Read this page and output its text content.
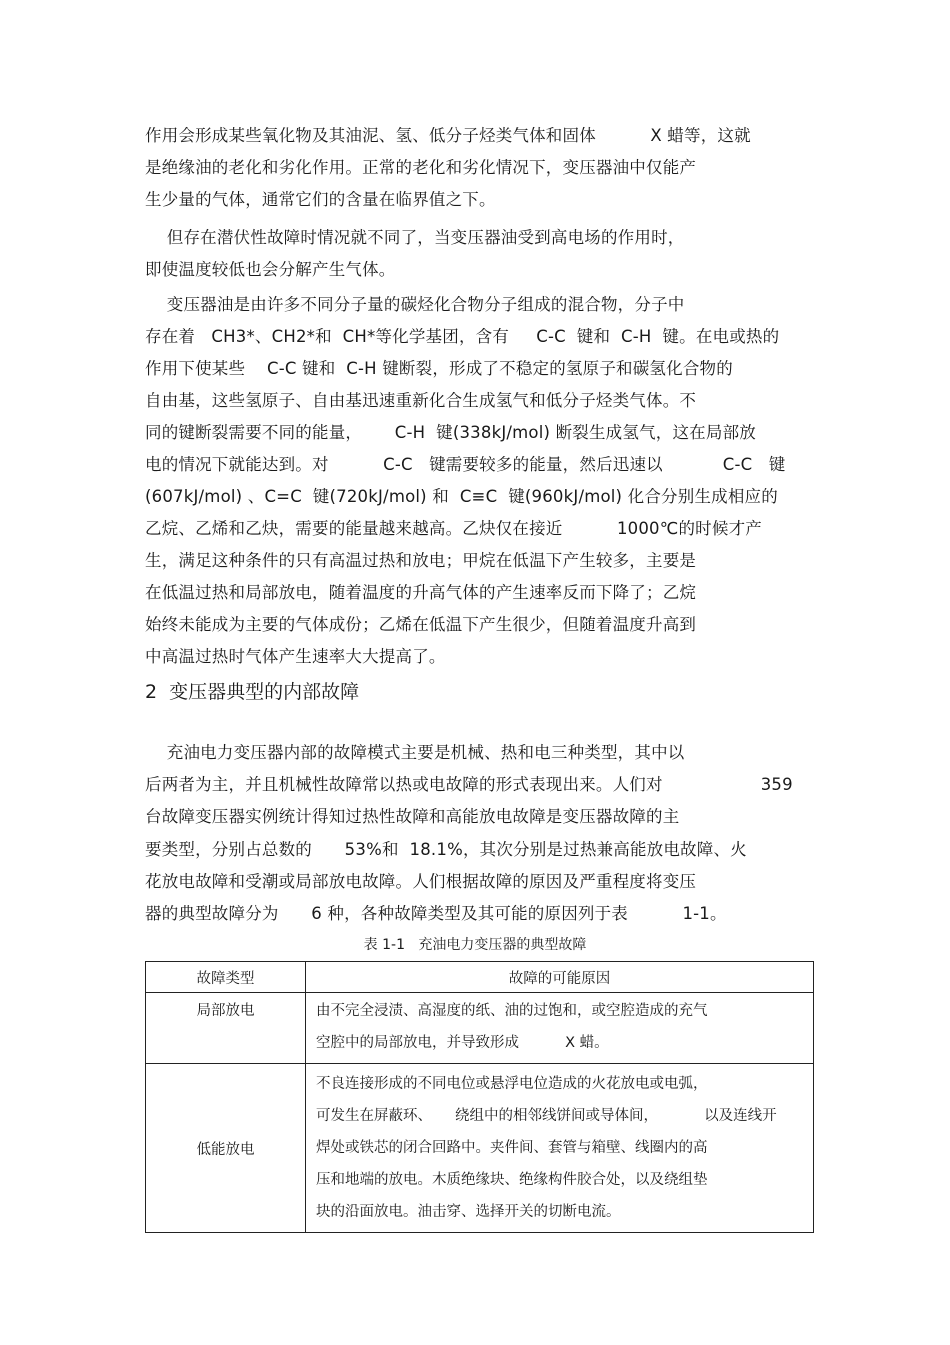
作用会形成某些氧化物及其油泥、氢、低分子烃类气体和固体          X 蜡等，这就
是绝缘油的老化和劣化作用。正常的老化和劣化情况下，变压器油中仅能产
生少量的气体，通常它们的含量在临界值之下。
但存在潜伏性故障时情况就不同了，当变压器油受到高电场的作用时，
即使温度较低也会分解产生气体。
变压器油是由许多不同分子量的碳烃化合物分子组成的混合物，分子中
存在着   CH3*、CH2*和  CH*等化学基团，含有     C-C  键和  C-H  键。在电或热的
作用下使某些    C-C 键和  C-H 键断裂，形成了不稳定的氢原子和碳氢化合物的
自由基，这些氢原子、自由基迅速重新化合生成氢气和低分子烃类气体。不
同的键断裂需要不同的能量，      C-H  键(338kJ/mol) 断裂生成氢气，这在局部放
电的情况下就能达到。对          C-C   键需要较多的能量，然后迅速以           C-C   键
(607kJ/mol) 、C=C  键(720kJ/mol) 和  C≡C  键(960kJ/mol) 化合分别生成相应的
乙烷、乙烯和乙炔，需要的能量越来越高。乙炔仅在接近          1000℃的时候才产
生，满足这种条件的只有高温过热和放电；甲烷在低温下产生较多，主要是
在低温过热和局部放电，随着温度的升高气体的产生速率反而下降了；乙烷
始终未能成为主要的气体成份；乙烯在低温下产生很少，但随着温度升高到
中高温过热时气体产生速率大大提高了。
2  变压器典型的内部故障
充油电力变压器内部的故障模式主要是机械、热和电三种类型，其中以
后两者为主，并且机械性故障常以热或电故障的形式表现出来。人们对                  359
台故障变压器实例统计得知过热性故障和高能放电故障是变压器故障的主
要类型，分别占总数的      53%和  18.1%，其次分别是过热兼高能放电故障、火
花放电故障和受潮或局部放电故障。人们根据故障的原因及严重程度将变压
器的典型故障分为      6 种，各种故障类型及其可能的原因列于表          1-1。
表 1-1   充油电力变压器的典型故障
故障类型	故障的可能原因
局部放电	由不完全浸渍、高湿度的纸、油的过饱和，或空腔造成的充气
空腔中的局部放电，并导致形成          X 蜡。

低能放电	不良连接形成的不同电位或悬浮电位造成的火花放电或电弧，
可发生在屏蔽环、     绕组中的相邻线饼间或导体间，          以及连线开
焊处或铁芯的闭合回路中。夹件间、套管与箱壁、线圈内的高
压和地端的放电。木质绝缘块、绝缘构件胶合处，以及绕组垫
块的沿面放电。油击穿、选择开关的切断电流。
